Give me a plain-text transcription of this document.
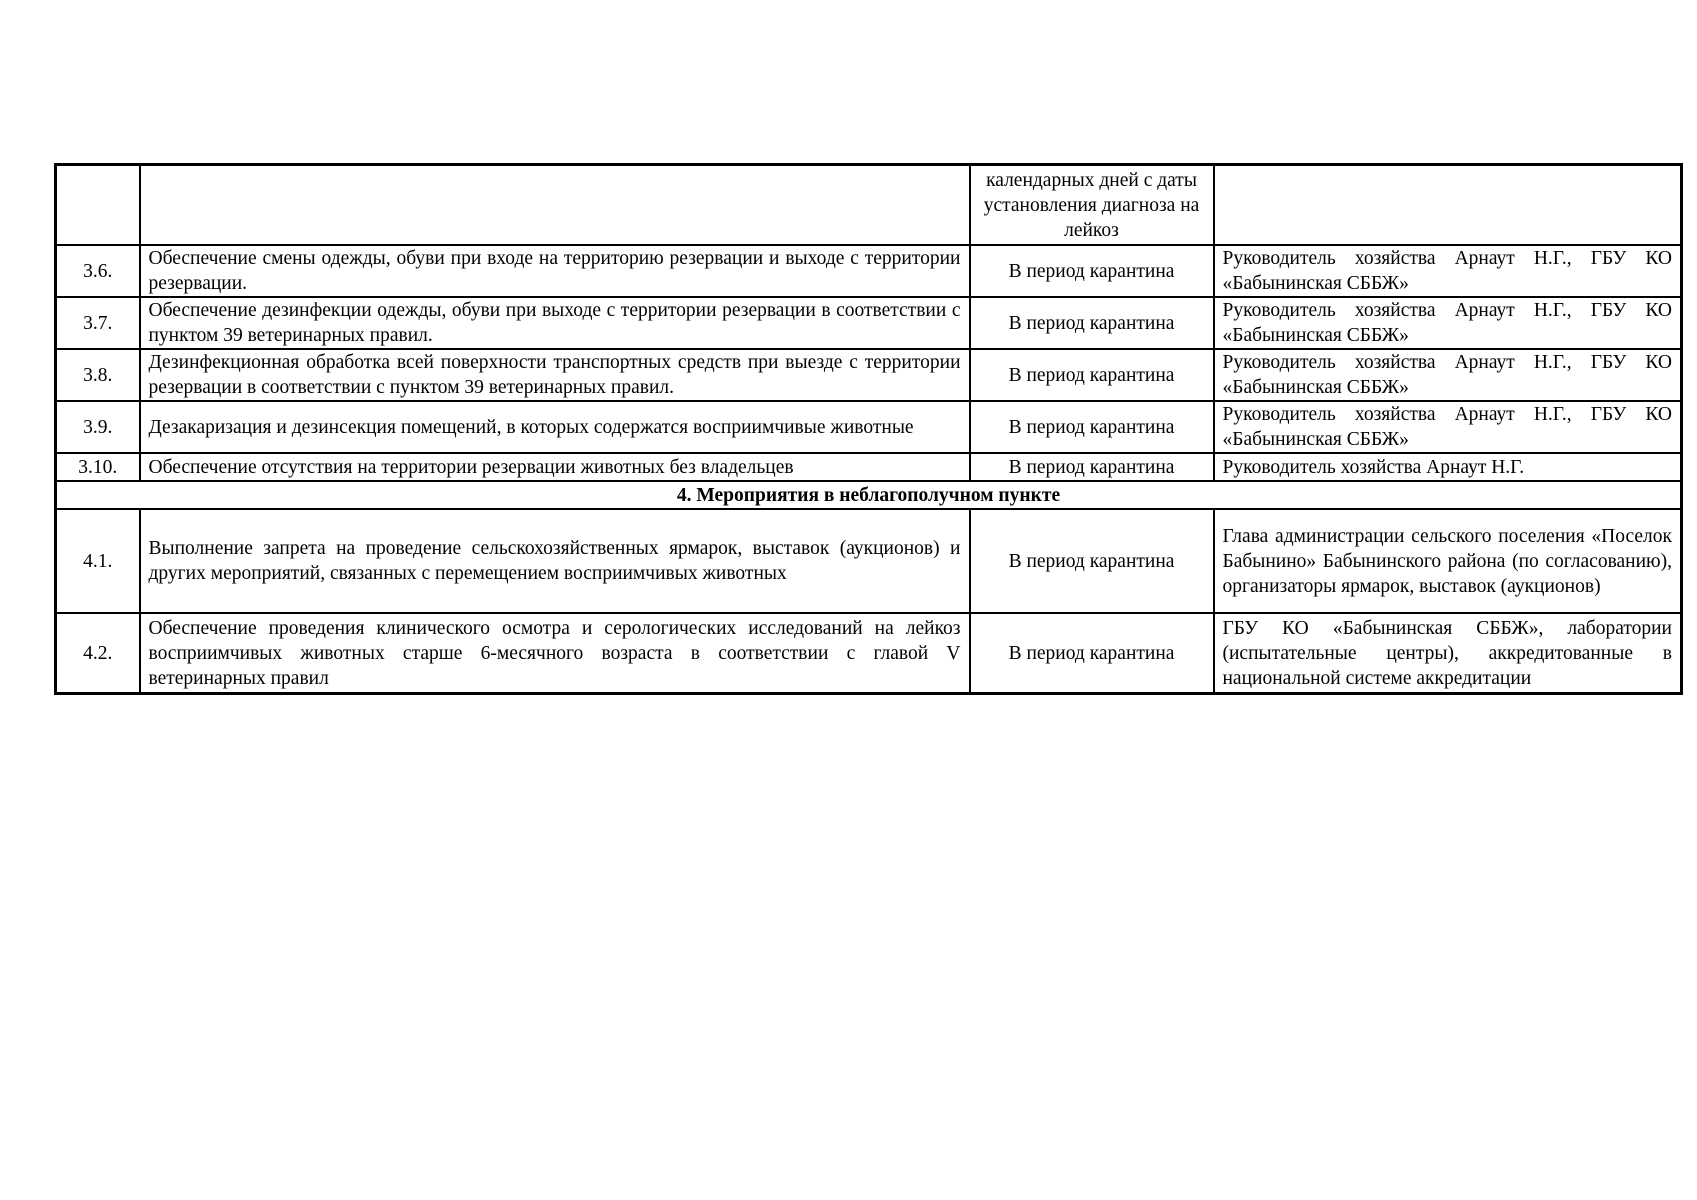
		календарных дней с даты установления диагноза на лейкоз	
3.6.	Обеспечение смены одежды, обуви при входе на территорию резервации и выходе с территории резервации.	В период карантина	Руководитель хозяйства Арнаут Н.Г., ГБУ КО «Бабынинская СББЖ»
3.7.	Обеспечение дезинфекции одежды, обуви при выходе с территории резервации в соответствии с пунктом 39 ветеринарных правил.	В период карантина	Руководитель хозяйства Арнаут Н.Г., ГБУ КО «Бабынинская СББЖ»
3.8.	Дезинфекционная обработка всей поверхности транспортных средств при выезде с территории резервации в соответствии с пунктом 39 ветеринарных правил.	В период карантина	Руководитель хозяйства Арнаут Н.Г., ГБУ КО «Бабынинская СББЖ»
3.9.	Дезакаризация и дезинсекция помещений, в которых содержатся восприимчивые животные	В период карантина	Руководитель хозяйства Арнаут Н.Г., ГБУ КО «Бабынинская СББЖ»
3.10.	Обеспечение отсутствия на территории резервации животных без владельцев	В период карантина	Руководитель хозяйства Арнаут Н.Г.
4. Мероприятия в неблагополучном пункте			
4.1.	Выполнение запрета на проведение сельскохозяйственных ярмарок, выставок (аукционов) и других мероприятий, связанных с перемещением восприимчивых животных	В период карантина	Глава администрации сельского поселения «Поселок Бабынино» Бабынинского района (по согласованию), организаторы ярмарок, выставок (аукционов)
4.2.	Обеспечение проведения клинического осмотра и серологических исследований на лейкоз восприимчивых животных старше 6-месячного возраста в соответствии с главой V ветеринарных правил	В период карантина	ГБУ КО «Бабынинская СББЖ», лаборатории (испытательные центры), аккредитованные в национальной системе аккредитации
